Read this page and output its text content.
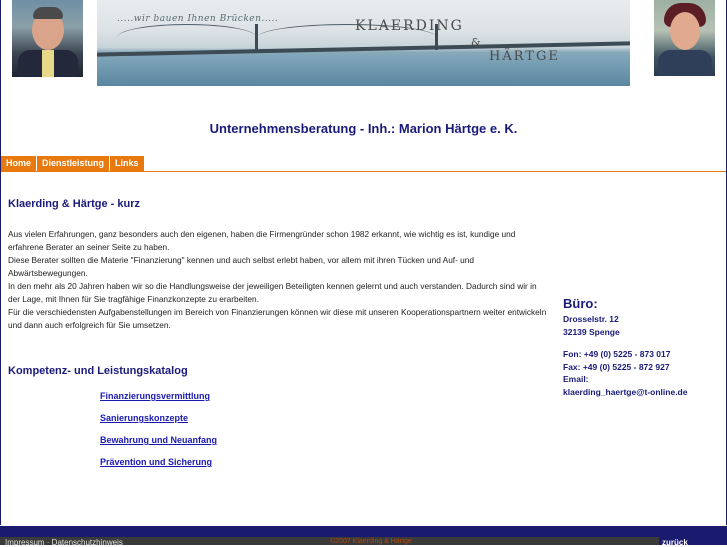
.....wir bauen Ihnen Brücken.....	KLAERDING
&
HÄRTGE
Unternehmensberatung - Inh.: Marion Härtge e. K.
Home	Dienstleistung	Links
Klaerding & Härtge - kurz

Aus vielen Erfahrungen, ganz besonders auch den eigenen, haben die Firmengründer schon 1982 erkannt, wie wichtig es ist, kundige und erfahrene Berater an seiner Seite zu haben.

Diese Berater sollten die Materie "Finanzierung" kennen und auch selbst erlebt haben, vor allem mit ihren Tücken und Auf- und Abwärtsbewegungen.

In den mehr als 20 Jahren haben wir so die Handlungsweise der jeweiligen Beteiligten kennen gelernt und auch verstanden. Dadurch sind wir in der Lage, mit Ihnen für Sie tragfähige Finanzkonzepte zu erarbeiten.

Für die verschiedensten Aufgabenstellungen im Bereich von Finanzierungen können wir diese mit unseren Kooperationspartnern weiter entwickeln und dann auch erfolgreich für Sie umsetzen.

Kompetenz- und Leistungskatalog
Finanzierungsvermittlung
Sanierungskonzepte
Bewahrung und Neuanfang
Prävention und Sicherung
Büro:
Drosselstr. 12
32139 Spenge
Fon: +49 (0) 5225 - 873 017
Fax: +49 (0) 5225 - 872 927
Email:
klaerding_haertge@t-online.de
Impressum · Datenschutzhinweis	©2007 Klaerding & Härtge	zurück
